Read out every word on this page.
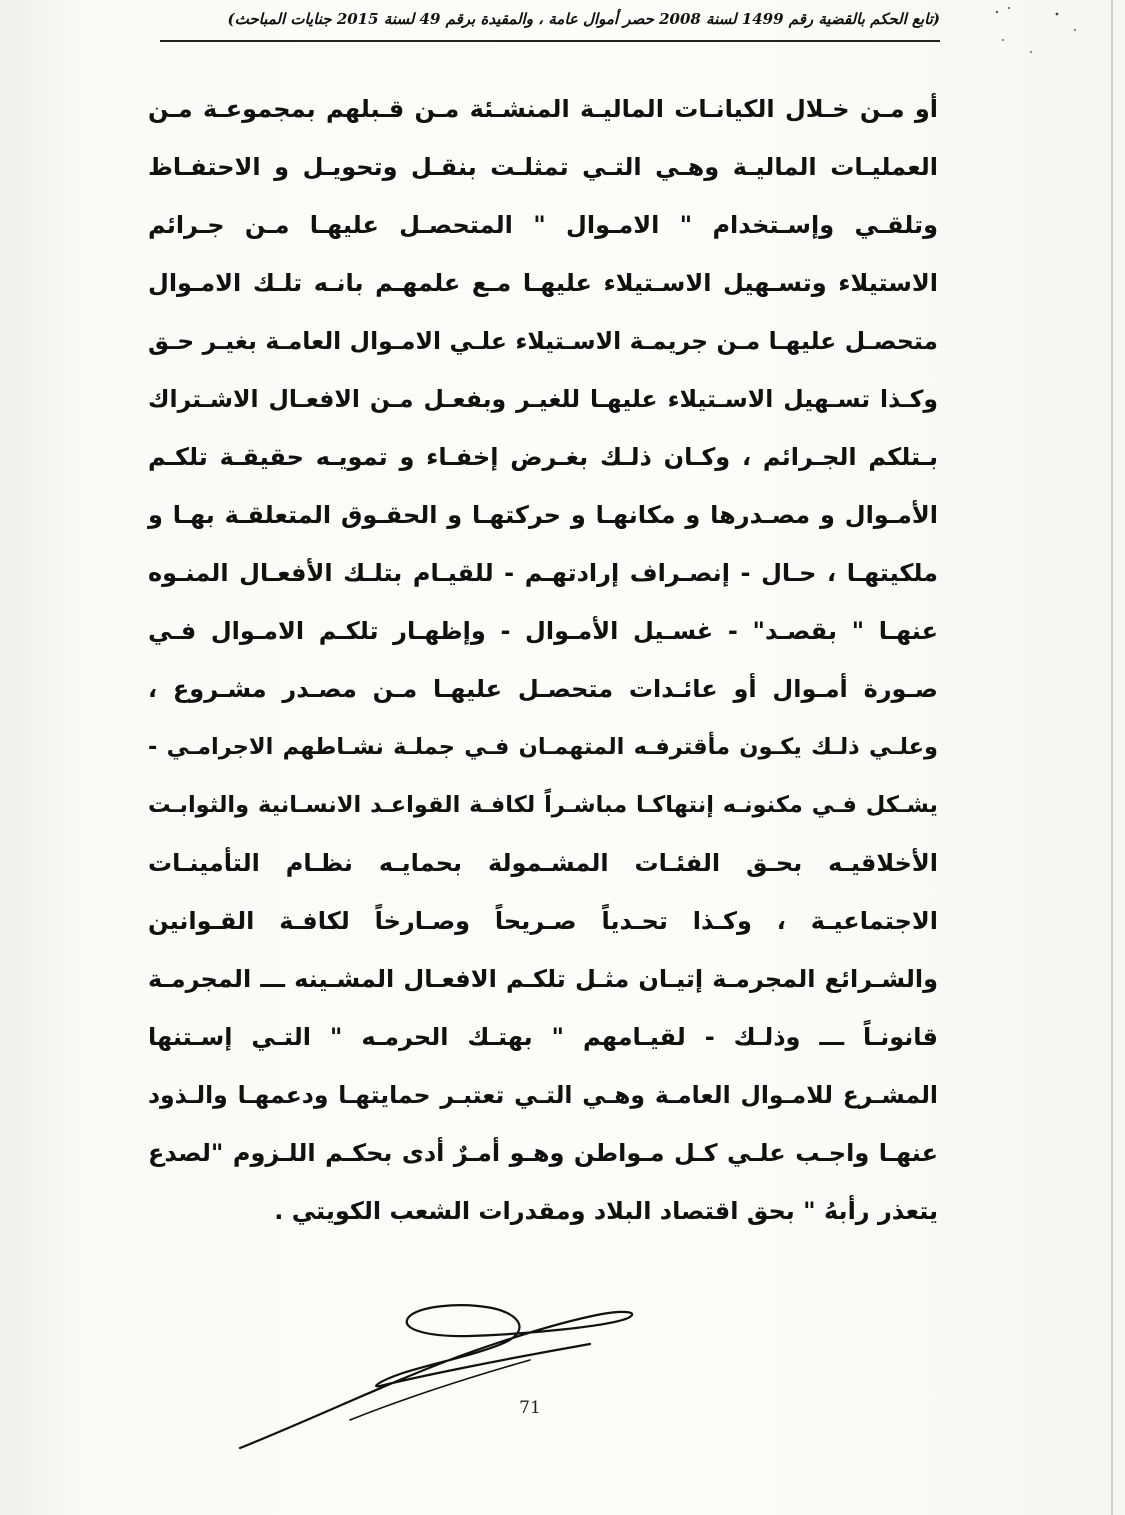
(تابع الحكم بالقضية رقم 1499 لسنة 2008 حصر أموال عامة ، والمقيدة برقم 49 لسنة 2015 جنايات المباحث)
أو مـن خـلال الكيانـات الماليـة المنشـئة مـن قـبلهم بمجموعـة مـن
العمليـات الماليـة وهـي التـي تمثلـت بنقـل وتحويـل و الاحتفـاظ
وتلقـي وإسـتخدام " الامـوال " المتحصـل عليهـا مـن جـرائم
الاستيلاء وتسـهيل الاسـتيلاء عليهـا مـع علمهـم بانـه تلـك الامـوال
متحصـل عليهـا مـن جريمـة الاسـتيلاء علـي الامـوال العامـة بغيـر حـق
وكـذا تسـهيل الاسـتيلاء عليهـا للغيـر وبفعـل مـن الافعـال الاشـتراك
بـتلكم الجـرائم ، وكـان ذلـك بغـرض إخفـاء و تمويـه حقيقـة تلكـم
الأمـوال و مصـدرها و مكانهـا و حركتهـا و الحقـوق المتعلقـة بهـا و
ملكيتهـا ، حـال - إنصـراف إرادتهـم - للقيـام بتلـك الأفعـال المنـوه
عنهـا " بقصـد" - غسـيل الأمـوال - وإظهـار تلكـم الامـوال فـي
صـورة أمـوال أو عائـدات متحصـل عليهـا مـن مصـدر مشـروع ،
وعلـي ذلـك يكـون مأقترفـه المتهمـان فـي جملـة نشـاطهم الاجرامـي -
يشـكل فـي مكنونـه إنتهاكـا مباشـراً لكافـة القواعـد الانسـانية والثوابـت
الأخلاقيـه بحـق الفئـات المشـمولة بحمايـه نظـام التأمينـات
الاجتماعيـة ، وكـذا تحـدياً صـريحاً وصـارخاً لكافـة القـوانين
والشـرائع المجرمـة إتيـان مثـل تلكـم الافعـال المشـينه ـــ المجرمـة
قانونـاً ـــ وذلـك - لقيـامهم " بهتـك الحرمـه " التـي إسـتنها
المشـرع للامـوال العامـة وهـي التـي تعتبـر حمايتهـا ودعمهـا والـذود
عنهـا واجـب علـي كـل مـواطن وهـو أمـرٌ أدى بحكـم اللـزوم "لصدع
يتعذر رأبهُ " بحق اقتصاد البلاد ومقدرات الشعب الكويتي .
71
